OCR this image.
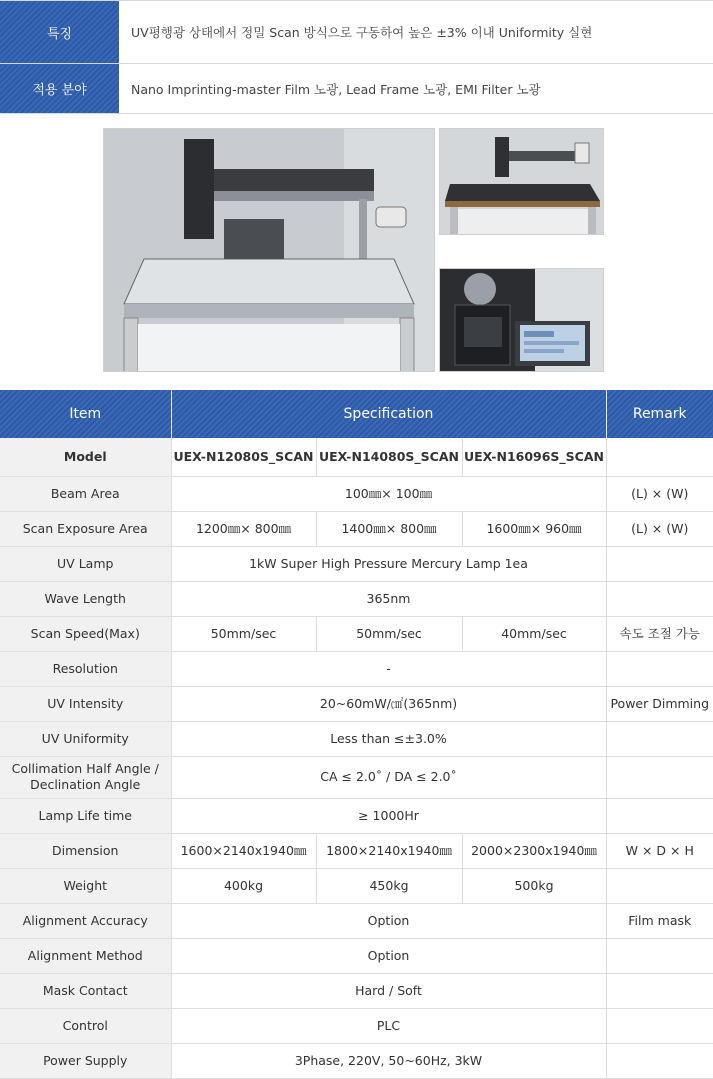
특징	UV평행광 상태에서 정밀 Scan 방식으로 구동하여 높은 ±3% 이내 Uniformity 실현
적용 분야	Nano Imprinting-master Film 노광, Lead Frame 노광, EMI Filter 노광
Item	Specification			Remark
Model	UEX-N12080S_SCAN	UEX-N14080S_SCAN	UEX-N16096S_SCAN	
Beam Area	100㎜× 100㎜			(L) × (W)
Scan Exposure Area	1200㎜× 800㎜	1400㎜× 800㎜	1600㎜× 960㎜	(L) × (W)
UV Lamp	1kW Super High Pressure Mercury Lamp 1ea			
Wave Length	365nm			
Scan Speed(Max)	50mm/sec	50mm/sec	40mm/sec	속도 조절 가능
Resolution	-			
UV Intensity	20~60mW/㎠(365nm)			Power Dimming
UV Uniformity	Less than ≤±3.0%			
Collimation Half Angle / Declination Angle	CA ≤ 2.0˚ / DA ≤ 2.0˚			
Lamp Life time	≥ 1000Hr			
Dimension	1600×2140x1940㎜	1800×2140x1940㎜	2000×2300x1940㎜	W × D × H
Weight	400kg	450kg	500kg	
Alignment Accuracy	Option			Film mask
Alignment Method	Option			
Mask Contact	Hard / Soft			
Control	PLC			
Power Supply	3Phase, 220V, 50~60Hz, 3kW			
